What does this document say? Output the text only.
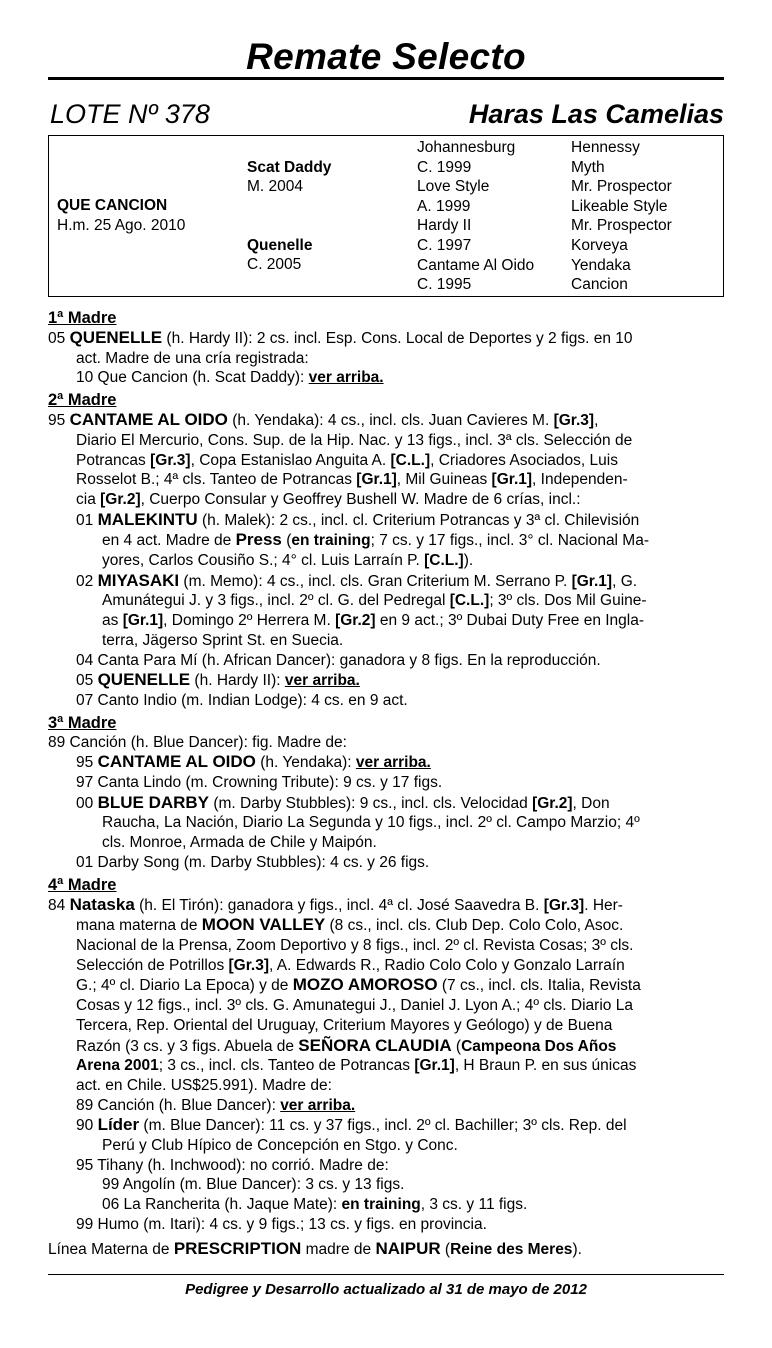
Remate Selecto
LOTE Nº 378	Haras Las Camelias
QUE CANCION
H.m. 25 Ago. 2010
Scat Daddy
M. 2004
Quenelle
C. 2005
Johannesburg
C. 1999
Love Style
A. 1999
Hardy II
C. 1997
Cantame Al Oido
C. 1995
Hennessy
Myth
Mr. Prospector
Likeable Style
Mr. Prospector
Korveya
Yendaka
Cancion
1ª Madre
05 QUENELLE (h. Hardy II): 2 cs. incl. Esp. Cons. Local de Deportes y 2 figs. en 10
act. Madre de una cría registrada:
10 Que Cancion (h. Scat Daddy): ver arriba.
2ª Madre
95 CANTAME AL OIDO (h. Yendaka): 4 cs., incl. cls. Juan Cavieres M. [Gr.3],
Diario El Mercurio, Cons. Sup. de la Hip. Nac. y 13 figs., incl. 3ª cls. Selección de
Potrancas [Gr.3], Copa Estanislao Anguita A. [C.L.], Criadores Asociados, Luis
Rosselot B.; 4ª cls. Tanteo de Potrancas [Gr.1], Mil Guineas [Gr.1], Independen-
cia [Gr.2], Cuerpo Consular y Geoffrey Bushell W. Madre de 6 crías, incl.:
01 MALEKINTU (h. Malek): 2 cs., incl. cl. Criterium Potrancas y 3ª cl. Chilevisión
en 4 act. Madre de Press (en training; 7 cs. y 17 figs., incl. 3° cl. Nacional Ma-
yores, Carlos Cousiño S.; 4° cl. Luis Larraín P. [C.L.]).
02 MIYASAKI (m. Memo): 4 cs., incl. cls. Gran Criterium M. Serrano P. [Gr.1], G.
Amunátegui J. y 3 figs., incl. 2º cl. G. del Pedregal [C.L.]; 3º cls. Dos Mil Guine-
as [Gr.1], Domingo 2º Herrera M. [Gr.2] en 9 act.; 3º Dubai Duty Free en Ingla-
terra, Jägerso Sprint St. en Suecia.
04 Canta Para Mí (h. African Dancer): ganadora y 8 figs. En la reproducción.
05 QUENELLE (h. Hardy II): ver arriba.
07 Canto Indio (m. Indian Lodge): 4 cs. en 9 act.
3ª Madre
89 Canción (h. Blue Dancer): fig. Madre de:
95 CANTAME AL OIDO (h. Yendaka): ver arriba.
97 Canta Lindo (m. Crowning Tribute): 9 cs. y 17 figs.
00 BLUE DARBY (m. Darby Stubbles): 9 cs., incl. cls. Velocidad [Gr.2], Don
Raucha, La Nación, Diario La Segunda y 10 figs., incl. 2º cl. Campo Marzio; 4º
cls. Monroe, Armada de Chile y Maipón.
01 Darby Song (m. Darby Stubbles): 4 cs. y 26 figs.
4ª Madre
84 Nataska (h. El Tirón): ganadora y figs., incl. 4ª cl. José Saavedra B. [Gr.3]. Her-
mana materna de MOON VALLEY (8 cs., incl. cls. Club Dep. Colo Colo, Asoc.
Nacional de la Prensa, Zoom Deportivo y 8 figs., incl. 2º cl. Revista Cosas; 3º cls.
Selección de Potrillos [Gr.3], A. Edwards R., Radio Colo Colo y Gonzalo Larraín
G.; 4º cl. Diario La Epoca) y de MOZO AMOROSO (7 cs., incl. cls. Italia, Revista
Cosas y 12 figs., incl. 3º cls. G. Amunategui J., Daniel J. Lyon A.; 4º cls. Diario La
Tercera, Rep. Oriental del Uruguay, Criterium Mayores y Geólogo) y de Buena
Razón (3 cs. y 3 figs. Abuela de SEÑORA CLAUDIA (Campeona Dos Años
Arena 2001; 3 cs., incl. cls. Tanteo de Potrancas [Gr.1], H Braun P. en sus únicas
act. en Chile. US$25.991). Madre de:
89 Canción (h. Blue Dancer): ver arriba.
90 Líder (m. Blue Dancer): 11 cs. y 37 figs., incl. 2º cl. Bachiller; 3º cls. Rep. del
Perú y Club Hípico de Concepción en Stgo. y Conc.
95 Tihany (h. Inchwood): no corrió. Madre de:
99 Angolín (m. Blue Dancer): 3 cs. y 13 figs.
06 La Rancherita (h. Jaque Mate): en training, 3 cs. y 11 figs.
99 Humo (m. Itari): 4 cs. y 9 figs.; 13 cs. y figs. en provincia.
Línea Materna de PRESCRIPTION madre de NAIPUR (Reine des Meres).
Pedigree y Desarrollo actualizado al 31 de mayo de 2012
